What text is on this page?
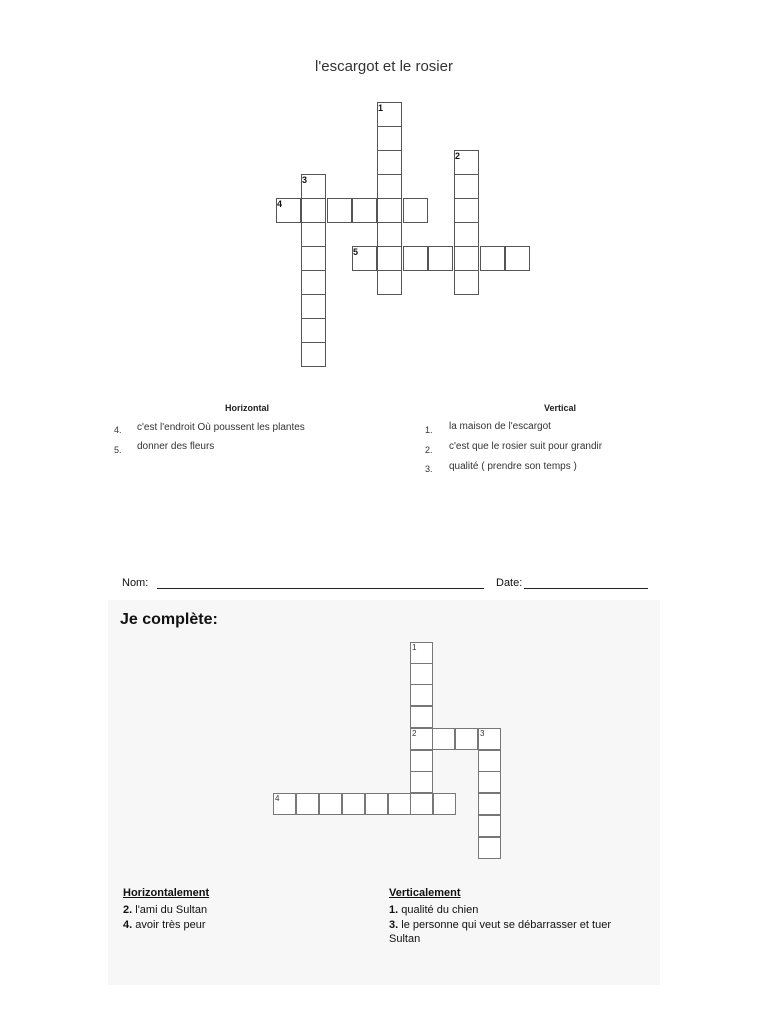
l'escargot et le rosier
1
2
3
4
5
Horizontal
4. c'est l'endroit Où poussent les plantes
5. donner des fleurs
Vertical
1. la maison de l'escargot
2. c'est que le rosier suit pour grandir
3. qualité ( prendre son temps )
Nom:	Date:
Je complète:
1
2	3
4
Horizontalement
2. l'ami du Sultan
4. avoir très peur
Verticalement
1. qualité du chien
3. le personne qui veut se débarrasser et tuer Sultan
